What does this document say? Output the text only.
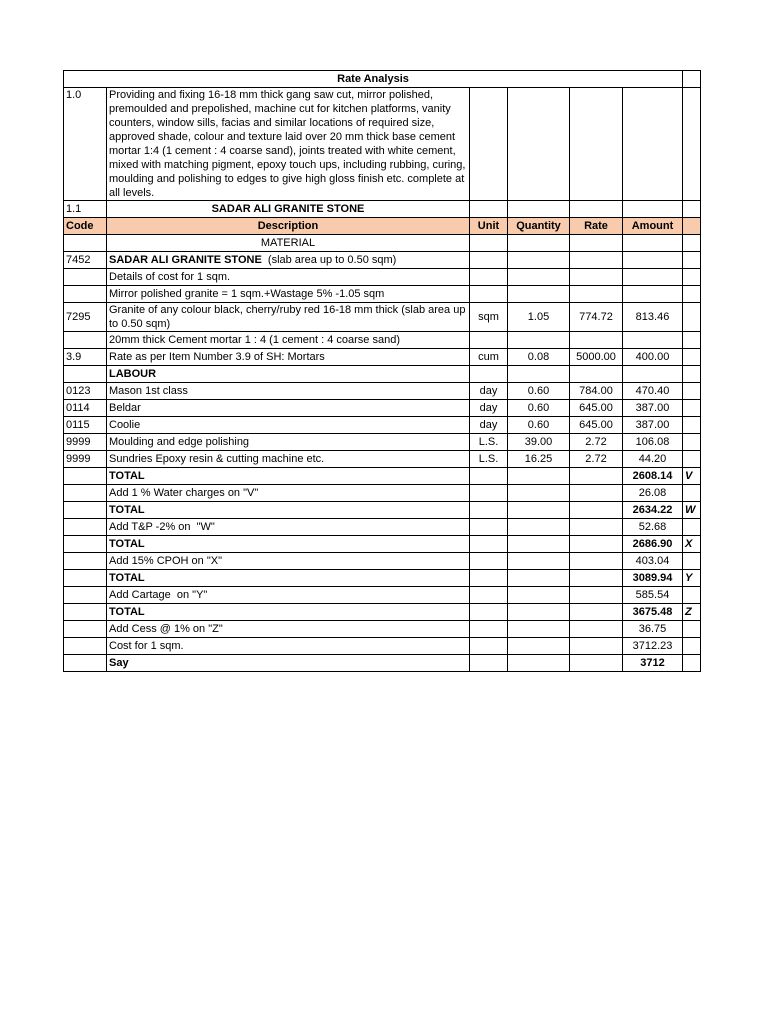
Rate Analysis						
1.0	Providing and fixing 16-18 mm thick gang saw cut, mirror polished, premoulded and prepolished, machine cut for kitchen platforms, vanity counters, window sills, facias and similar locations of required size, approved shade, colour and texture laid over 20 mm thick base cement mortar 1:4 (1 cement : 4 coarse sand), joints treated with white cement, mixed with matching pigment, epoxy touch ups, including rubbing, curing, moulding and polishing to edges to give high gloss finish etc. complete at all levels.					
1.1	SADAR ALI GRANITE STONE					
Code	Description	Unit	Quantity	Rate	Amount	
	MATERIAL					
7452	SADAR ALI GRANITE STONE  (slab area up to 0.50 sqm)					
	Details of cost for 1 sqm.					
	Mirror polished granite = 1 sqm.+Wastage 5% -1.05 sqm					
7295	Granite of any colour black, cherry/ruby red 16-18 mm thick (slab area up to 0.50 sqm)	sqm	1.05	774.72	813.46	
	20mm thick Cement mortar 1 : 4 (1 cement : 4 coarse sand)					
3.9	Rate as per Item Number 3.9 of SH: Mortars	cum	0.08	5000.00	400.00	
	LABOUR					
0123	Mason 1st class	day	0.60	784.00	470.40	
0114	Beldar	day	0.60	645.00	387.00	
0115	Coolie	day	0.60	645.00	387.00	
9999	Moulding and edge polishing	L.S.	39.00	2.72	106.08	
9999	Sundries Epoxy resin & cutting machine etc.	L.S.	16.25	2.72	44.20	
	TOTAL				2608.14	V
	Add 1 % Water charges on "V"				26.08	
	TOTAL				2634.22	W
	Add T&P -2% on  "W"				52.68	
	TOTAL				2686.90	X
	Add 15% CPOH on "X"				403.04	
	TOTAL				3089.94	Y
	Add Cartage  on "Y"				585.54	
	TOTAL				3675.48	Z
	Add Cess @ 1% on "Z"				36.75	
	Cost for 1 sqm.				3712.23	
	Say				3712	
